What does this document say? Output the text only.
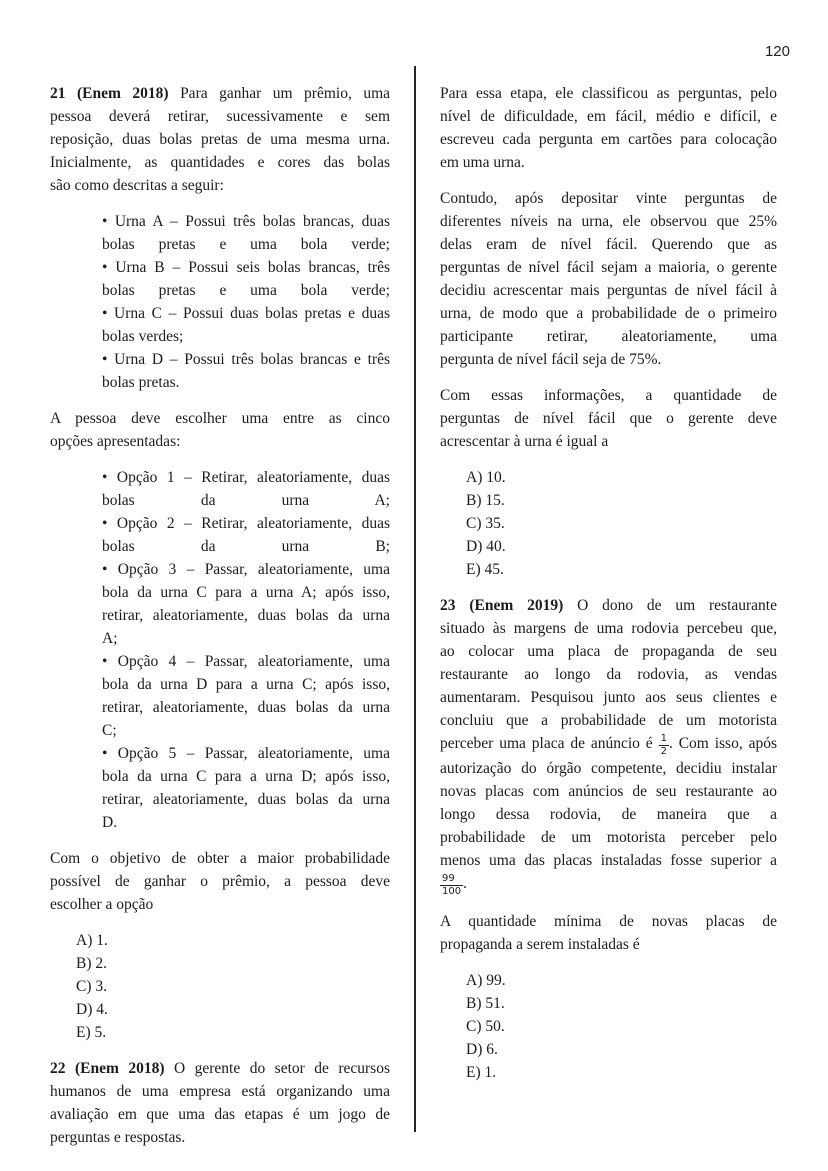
120
21 (Enem 2018) Para ganhar um prêmio, uma
pessoa deverá retirar, sucessivamente e sem
reposição, duas bolas pretas de uma mesma urna.
Inicialmente, as quantidades e cores das bolas
são como descritas a seguir:
• Urna A – Possui três bolas brancas, duas
bolas pretas e uma bola verde;
• Urna B – Possui seis bolas brancas, três
bolas pretas e uma bola verde;
• Urna C – Possui duas bolas pretas e duas
bolas verdes;
• Urna D – Possui três bolas brancas e três
bolas pretas.
A pessoa deve escolher uma entre as cinco
opções apresentadas:
• Opção 1 – Retirar, aleatoriamente, duas
bolas da urna A;
• Opção 2 – Retirar, aleatoriamente, duas
bolas da urna B;
• Opção 3 – Passar, aleatoriamente, uma
bola da urna C para a urna A; após isso,
retirar, aleatoriamente, duas bolas da urna
A;
• Opção 4 – Passar, aleatoriamente, uma
bola da urna D para a urna C; após isso,
retirar, aleatoriamente, duas bolas da urna
C;
• Opção 5 – Passar, aleatoriamente, uma
bola da urna C para a urna D; após isso,
retirar, aleatoriamente, duas bolas da urna
D.
Com o objetivo de obter a maior probabilidade
possível de ganhar o prêmio, a pessoa deve
escolher a opção
A) 1.
B) 2.
C) 3.
D) 4.
E) 5.
22 (Enem 2018) O gerente do setor de recursos
humanos de uma empresa está organizando uma
avaliação em que uma das etapas é um jogo de
perguntas e respostas.
Para essa etapa, ele classificou as perguntas, pelo
nível de dificuldade, em fácil, médio e difícil, e
escreveu cada pergunta em cartões para colocação
em uma urna.
Contudo, após depositar vinte perguntas de
diferentes níveis na urna, ele observou que 25%
delas eram de nível fácil. Querendo que as
perguntas de nível fácil sejam a maioria, o gerente
decidiu acrescentar mais perguntas de nível fácil à
urna, de modo que a probabilidade de o primeiro
participante retirar, aleatoriamente, uma
pergunta de nível fácil seja de 75%.
Com essas informações, a quantidade de
perguntas de nível fácil que o gerente deve
acrescentar à urna é igual a
A) 10.
B) 15.
C) 35.
D) 40.
E) 45.
23 (Enem 2019) O dono de um restaurante
situado às margens de uma rodovia percebeu que,
ao colocar uma placa de propaganda de seu
restaurante ao longo da rodovia, as vendas
aumentaram. Pesquisou junto aos seus clientes e
concluiu que a probabilidade de um motorista
perceber uma placa de anúncio é $\frac{1}{2}$ . Com isso, após
autorização do órgão competente, decidiu instalar
novas placas com anúncios de seu restaurante ao
longo dessa rodovia, de maneira que a
probabilidade de um motorista perceber pelo
menos uma das placas instaladas fosse superior a
$\frac{99}{100}$ .
A quantidade mínima de novas placas de
propaganda a serem instaladas é
A) 99.
B) 51.
C) 50.
D) 6.
E) 1.
